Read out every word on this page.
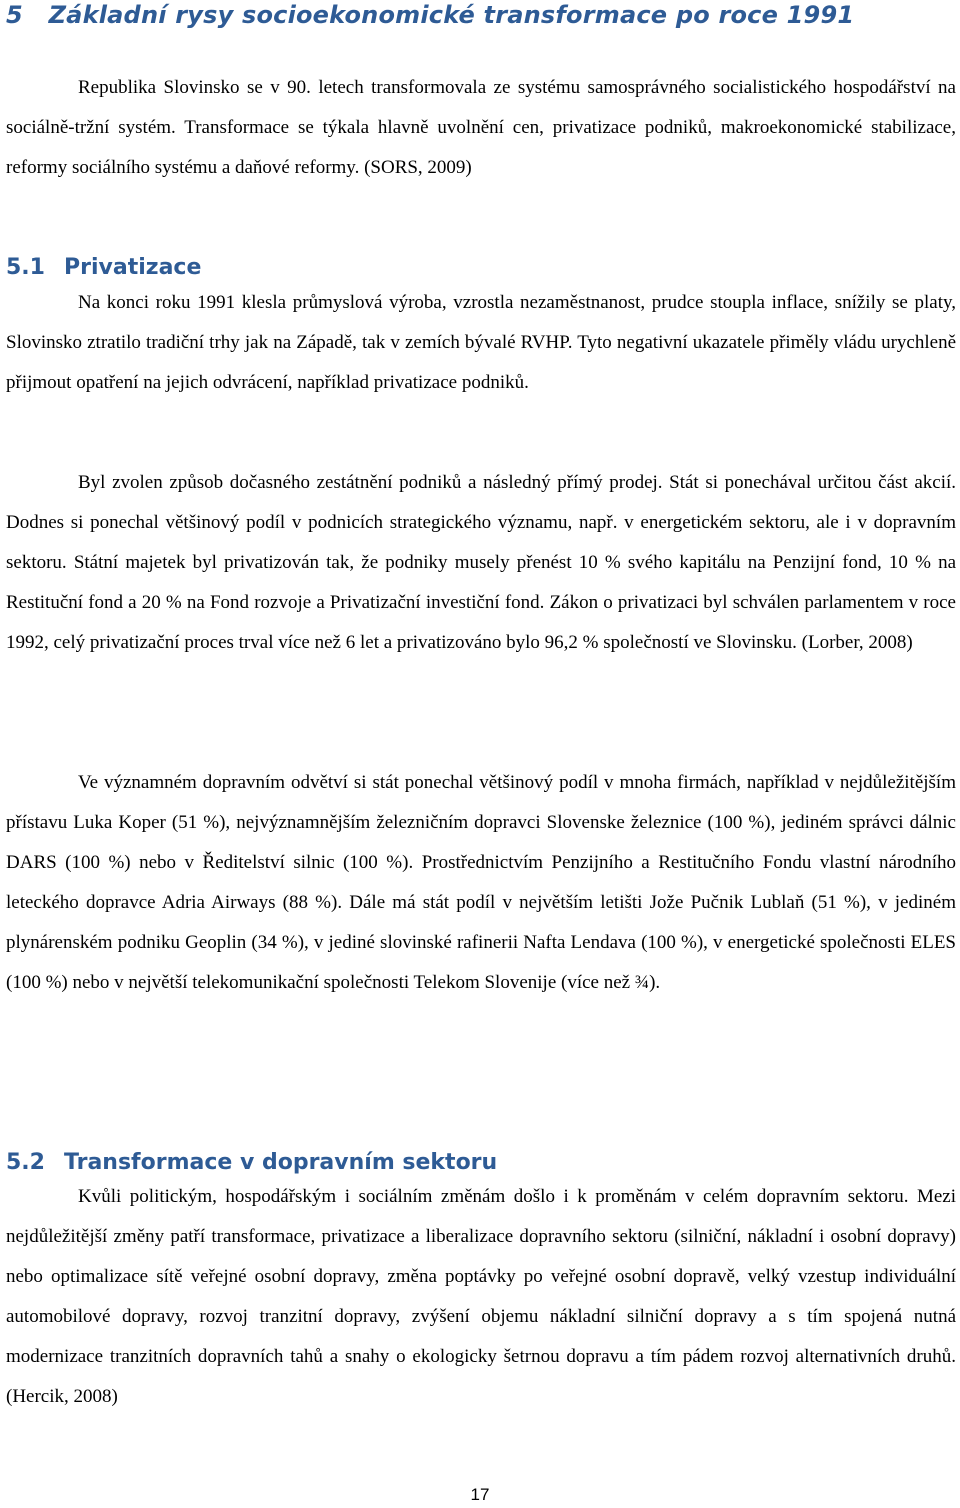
5 Základní rysy socioekonomické transformace po roce 1991

Republika Slovinsko se v 90. letech transformovala ze systému samosprávného socialistického hospodářství na sociálně-tržní systém. Transformace se týkala hlavně uvolnění cen, privatizace podniků, makroekonomické stabilizace, reformy sociálního systému a daňové reformy. (SORS, 2009)

5.1 Privatizace

Na konci roku 1991 klesla průmyslová výroba, vzrostla nezaměstnanost, prudce stoupla inflace, snížily se platy, Slovinsko ztratilo tradiční trhy jak na Západě, tak v zemích bývalé RVHP. Tyto negativní ukazatele přiměly vládu urychleně přijmout opatření na jejich odvrácení, například privatizace podniků.

Byl zvolen způsob dočasného zestátnění podniků a následný přímý prodej. Stát si ponechával určitou část akcií. Dodnes si ponechal většinový podíl v podnicích strategického významu, např. v energetickém sektoru, ale i v dopravním sektoru. Státní majetek byl privatizován tak, že podniky musely přenést 10 % svého kapitálu na Penzijní fond, 10 % na Restituční fond a 20 % na Fond rozvoje a Privatizační investiční fond. Zákon o privatizaci byl schválen parlamentem v roce 1992, celý privatizační proces trval více než 6 let a privatizováno bylo 96,2 % společností ve Slovinsku. (Lorber, 2008)

Ve významném dopravním odvětví si stát ponechal většinový podíl v mnoha firmách, například v nejdůležitějším přístavu Luka Koper (51 %), nejvýznamnějším železničním dopravci Slovenske železnice (100 %), jediném správci dálnic DARS (100 %) nebo v Ředitelství silnic (100 %). Prostřednictvím Penzijního a Restitučního Fondu vlastní národního leteckého dopravce Adria Airways (88 %). Dále má stát podíl v největším letišti Jože Pučnik Lublaň (51 %), v jediném plynárenském podniku Geoplin (34 %), v jediné slovinské rafinerii Nafta Lendava (100 %), v energetické společnosti ELES (100 %) nebo v největší telekomunikační společnosti Telekom Slovenije (více než ¾).

5.2 Transformace v dopravním sektoru

Kvůli politickým, hospodářským i sociálním změnám došlo i k proměnám v celém dopravním sektoru. Mezi nejdůležitější změny patří transformace, privatizace a liberalizace dopravního sektoru (silniční, nákladní i osobní dopravy) nebo optimalizace sítě veřejné osobní dopravy, změna poptávky po veřejné osobní dopravě, velký vzestup individuální automobilové dopravy, rozvoj tranzitní dopravy, zvýšení objemu nákladní silniční dopravy a s tím spojená nutná modernizace tranzitních dopravních tahů a snahy o ekologicky šetrnou dopravu a tím pádem rozvoj alternativních druhů. (Hercik, 2008)

17
